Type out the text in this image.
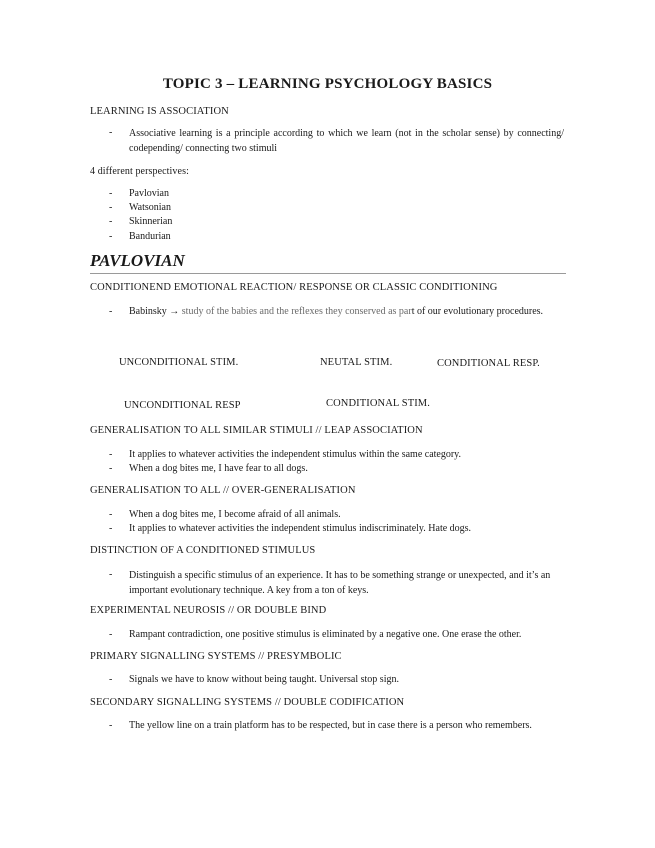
TOPIC 3 – LEARNING PSYCHOLOGY BASICS
LEARNING IS ASSOCIATION
- Associative learning is a principle according to which we learn (not in the scholar sense) by connecting/ codepending/ connecting two stimuli
4 different perspectives:
- Pavlovian
- Watsonian
- Skinnerian
- Bandurian
PAVLOVIAN
CONDITIONEND EMOTIONAL REACTION/ RESPONSE OR CLASSIC CONDITIONING
- Babinsky → study of the babies and the reflexes they conserved as part of our evolutionary procedures.
UNCONDITIONAL STIM.	NEUTAL STIM.	CONDITIONAL RESP.
UNCONDITIONAL RESP	CONDITIONAL STIM.
GENERALISATION TO ALL SIMILAR STIMULI // LEAP ASSOCIATION
- It applies to whatever activities the independent stimulus within the same category.
- When a dog bites me, I have fear to all dogs.
GENERALISATION TO ALL // OVER-GENERALISATION
- When a dog bites me, I become afraid of all animals.
- It applies to whatever activities the independent stimulus indiscriminately. Hate dogs.
DISTINCTION OF A CONDITIONED STIMULUS
- Distinguish a specific stimulus of an experience. It has to be something strange or unexpected, and it’s an important evolutionary technique. A key from a ton of keys.
EXPERIMENTAL NEUROSIS // OR DOUBLE BIND
- Rampant contradiction, one positive stimulus is eliminated by a negative one. One erase the other.
PRIMARY SIGNALLING SYSTEMS // PRESYMBOLIC
- Signals we have to know without being taught. Universal stop sign.
SECONDARY SIGNALLING SYSTEMS // DOUBLE CODIFICATION
- The yellow line on a train platform has to be respected, but in case there is a person who remembers.
